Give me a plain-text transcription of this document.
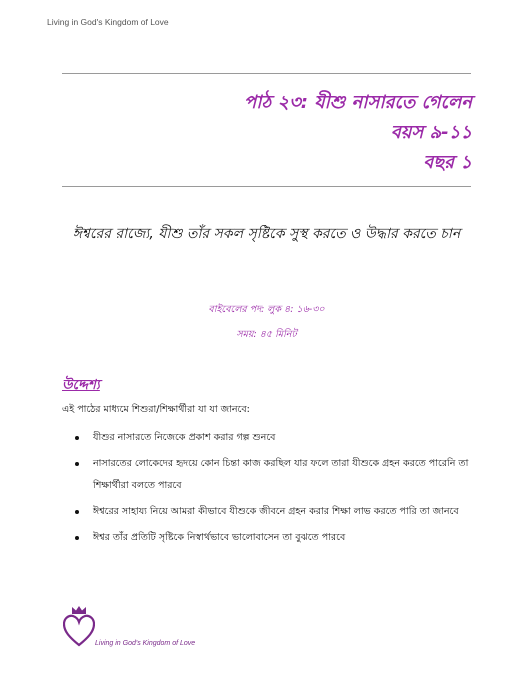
Living in God's Kingdom of Love
পাঠ ২৩: যীশু নাসারতে গেলেন
বয়স ৯-১১
বছর ১
ঈশ্বরের রাজ্যে, যীশু তাঁর সকল সৃষ্টিকে সুস্থ করতে ও উদ্ধার করতে চান
বাইবেলের পদ: লুক ৪: ১৬-৩০
সময়: ৪৫ মিনিট
উদ্দেশ্য
এই পাঠের মাধ্যমে শিশুরা/শিক্ষার্থীরা যা যা জানবে:
যীশুর নাসারতে নিজেকে প্রকাশ করার গল্প শুনবে
নাসারতের লোকেদের হৃদয়ে কোন চিন্তা কাজ করছিল যার ফলে তারা যীশুকে গ্রহন করতে পারেনি তা শিক্ষার্থীরা বলতে পারবে
ঈশ্বরের সাহায্য নিয়ে আমরা কীভাবে যীশুকে জীবনে গ্রহন করার শিক্ষা লাভ করতে পারি তা জানবে
ঈশ্বর তাঁর প্রতিটি সৃষ্টিকে নিস্বার্থভাবে ভালোবাসেন তা বুঝতে পারবে
Living in God's Kingdom of Love
